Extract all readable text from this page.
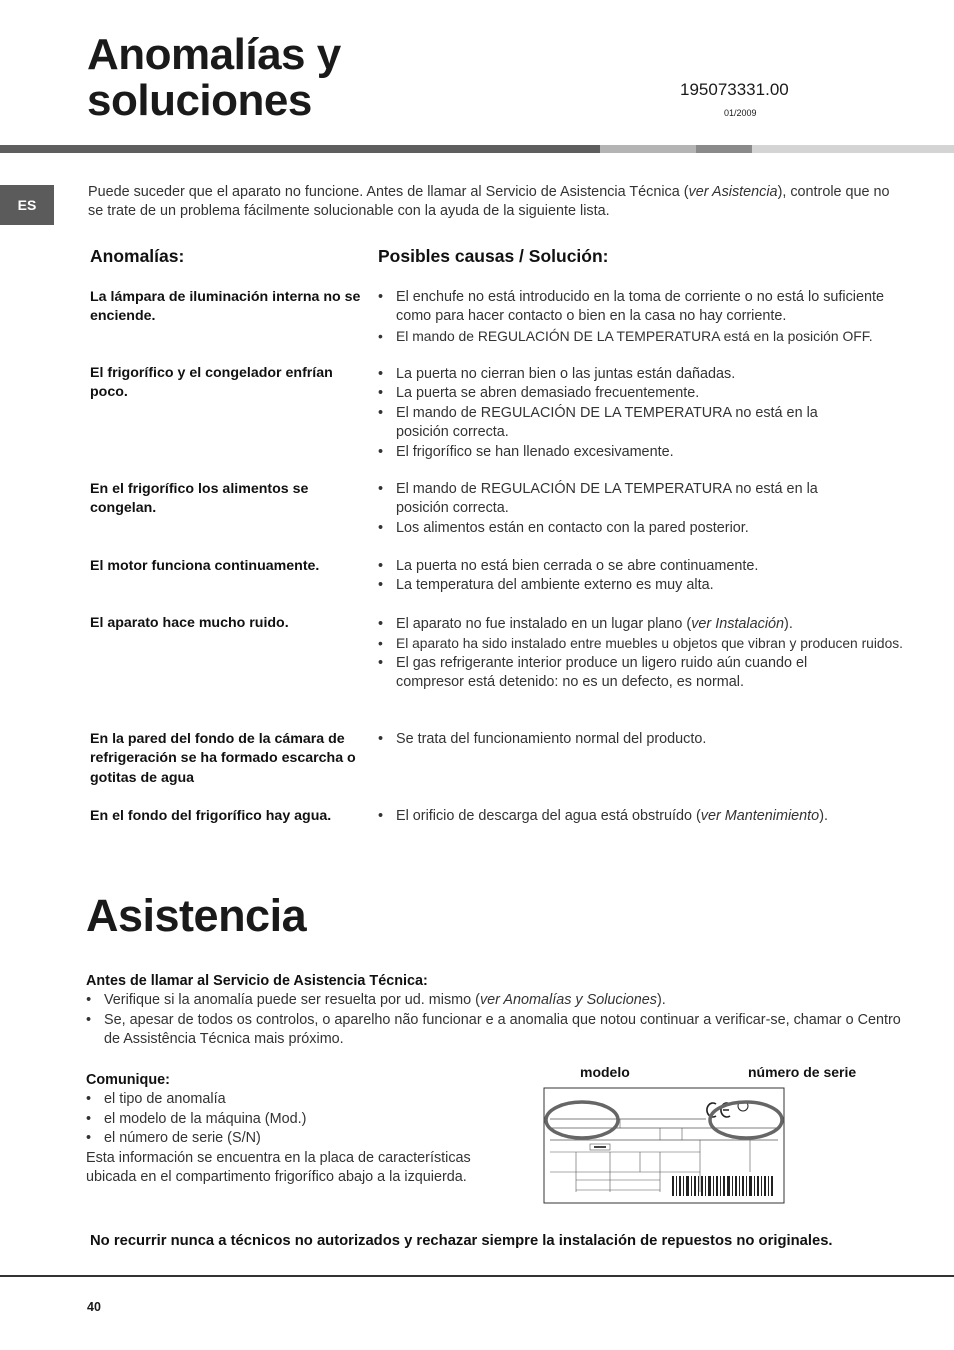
Anomalías y
soluciones	195073331.00
01/2009
ES

Puede suceder que el aparato no funcione. Antes de llamar al Servicio de Asistencia Técnica (ver Asistencia), controle que no se trate de un problema fácilmente solucionable con la ayuda de la siguiente lista.

Anomalías:	Posibles causas / Solución:
La lámpara de iluminación interna no se enciende.
• El enchufe no está introducido en la toma de corriente o no está lo suficiente como para hacer contacto o bien en la casa no hay corriente.
• El mando de REGULACIÓN DE LA TEMPERATURA está en la posición OFF.
El frigorífico y el congelador enfrían poco.
• La puerta no cierran bien o las juntas están dañadas.
• La puerta se abren demasiado frecuentemente.
• El mando de REGULACIÓN DE LA TEMPERATURA no está en la posición correcta.
• El frigorífico se han llenado excesivamente.
En el frigorífico los alimentos se congelan.
• El mando de REGULACIÓN DE LA TEMPERATURA no está en la posición correcta.
• Los alimentos están en contacto con la pared posterior.
El motor funciona continuamente.	• La puerta no está bien cerrada o se abre continuamente.
• La temperatura del ambiente externo es muy alta.
El aparato hace mucho ruido.	• El aparato no fue instalado en un lugar plano (ver Instalación).
• El aparato ha sido instalado entre muebles u objetos que vibran y producen ruidos.
• El gas refrigerante interior produce un ligero ruido aún cuando el compresor está detenido: no es un defecto, es normal.
En la pared del fondo de la cámara de refrigeración se ha formado escarcha o gotitas de agua
• Se trata del funcionamiento normal del producto.
En el fondo del frigorífico hay agua.	• El orificio de descarga del agua está obstruído (ver Mantenimiento).
Asistencia
Antes de llamar al Servicio de Asistencia Técnica:
• Verifique si la anomalía puede ser resuelta por ud. mismo (ver Anomalías y Soluciones).
• Se, apesar de todos os controlos, o aparelho não funcionar e a anomalia que notou continuar a verificar-se, chamar o Centro de Assistência Técnica mais próximo.
Comunique:
• el tipo de anomalía
• el modelo de la máquina (Mod.)
• el número de serie (S/N)
Esta información se encuentra en la placa de características ubicada en el compartimento frigorífico abajo a la izquierda.
modelo	número de serie
No recurrir nunca a técnicos no autorizados y rechazar siempre la instalación de repuestos no originales.
40
